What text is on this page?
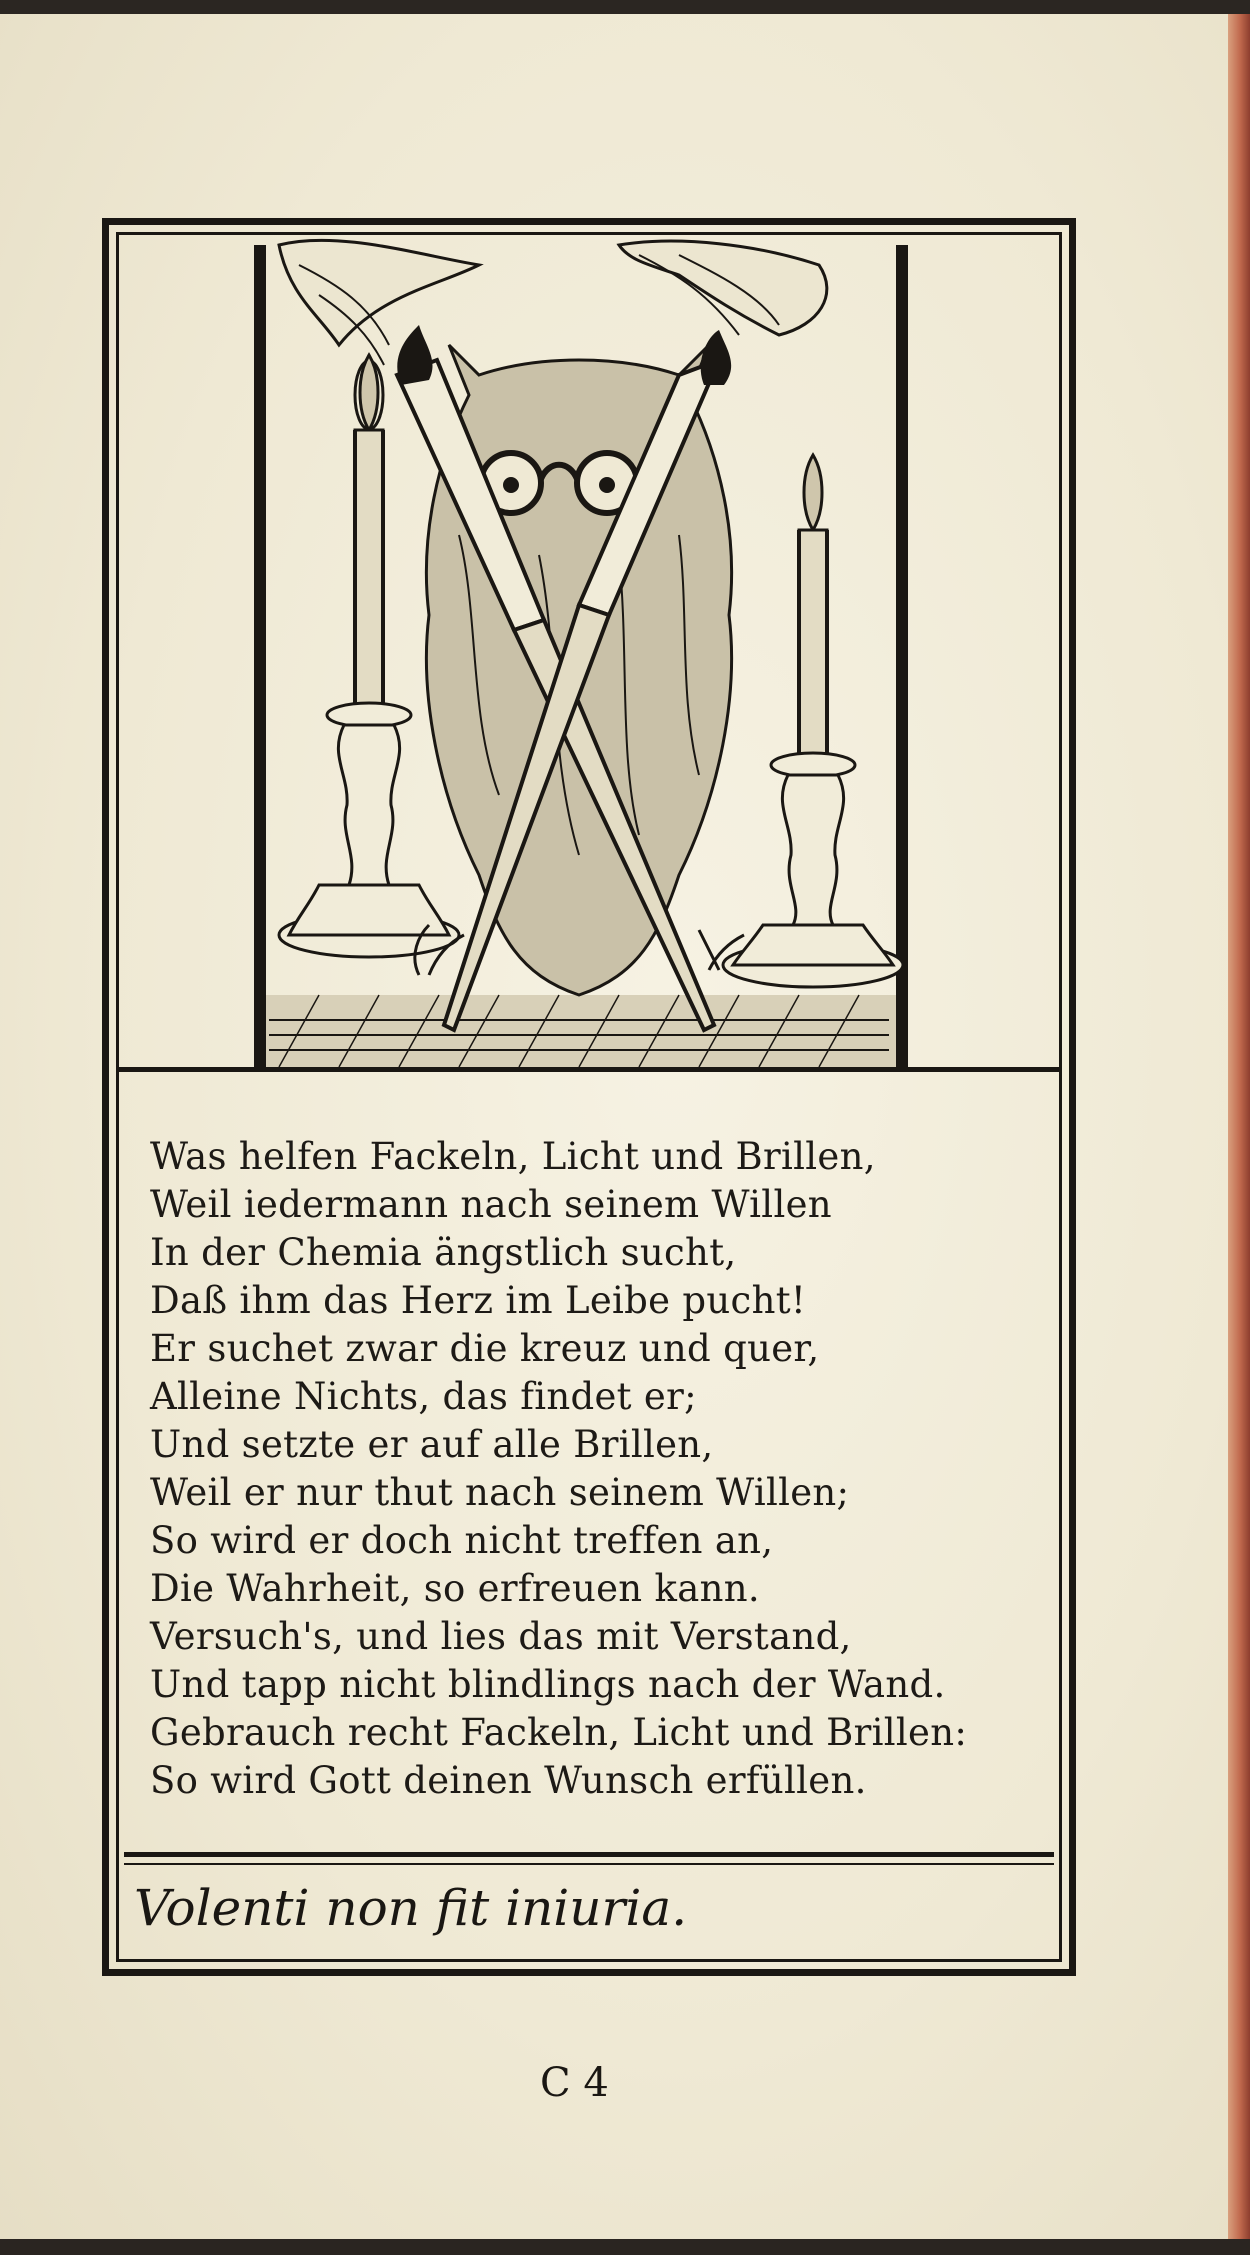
Was helfen Fackeln, Licht und Brillen,
Weil iedermann nach seinem Willen
In der Chemia ängstlich sucht,
Daß ihm das Herz im Leibe pucht!
Er suchet zwar die kreuz und quer,
Alleine Nichts, das findet er;
Und setzte er auf alle Brillen,
Weil er nur thut nach seinem Willen;
So wird er doch nicht treffen an,
Die Wahrheit, so erfreuen kann.
Versuch's, und lies das mit Verstand,
Und tapp nicht blindlings nach der Wand.
Gebrauch recht Fackeln, Licht und Brillen:
So wird Gott deinen Wunsch erfüllen.
Volenti non fit iniuria.
C 4
